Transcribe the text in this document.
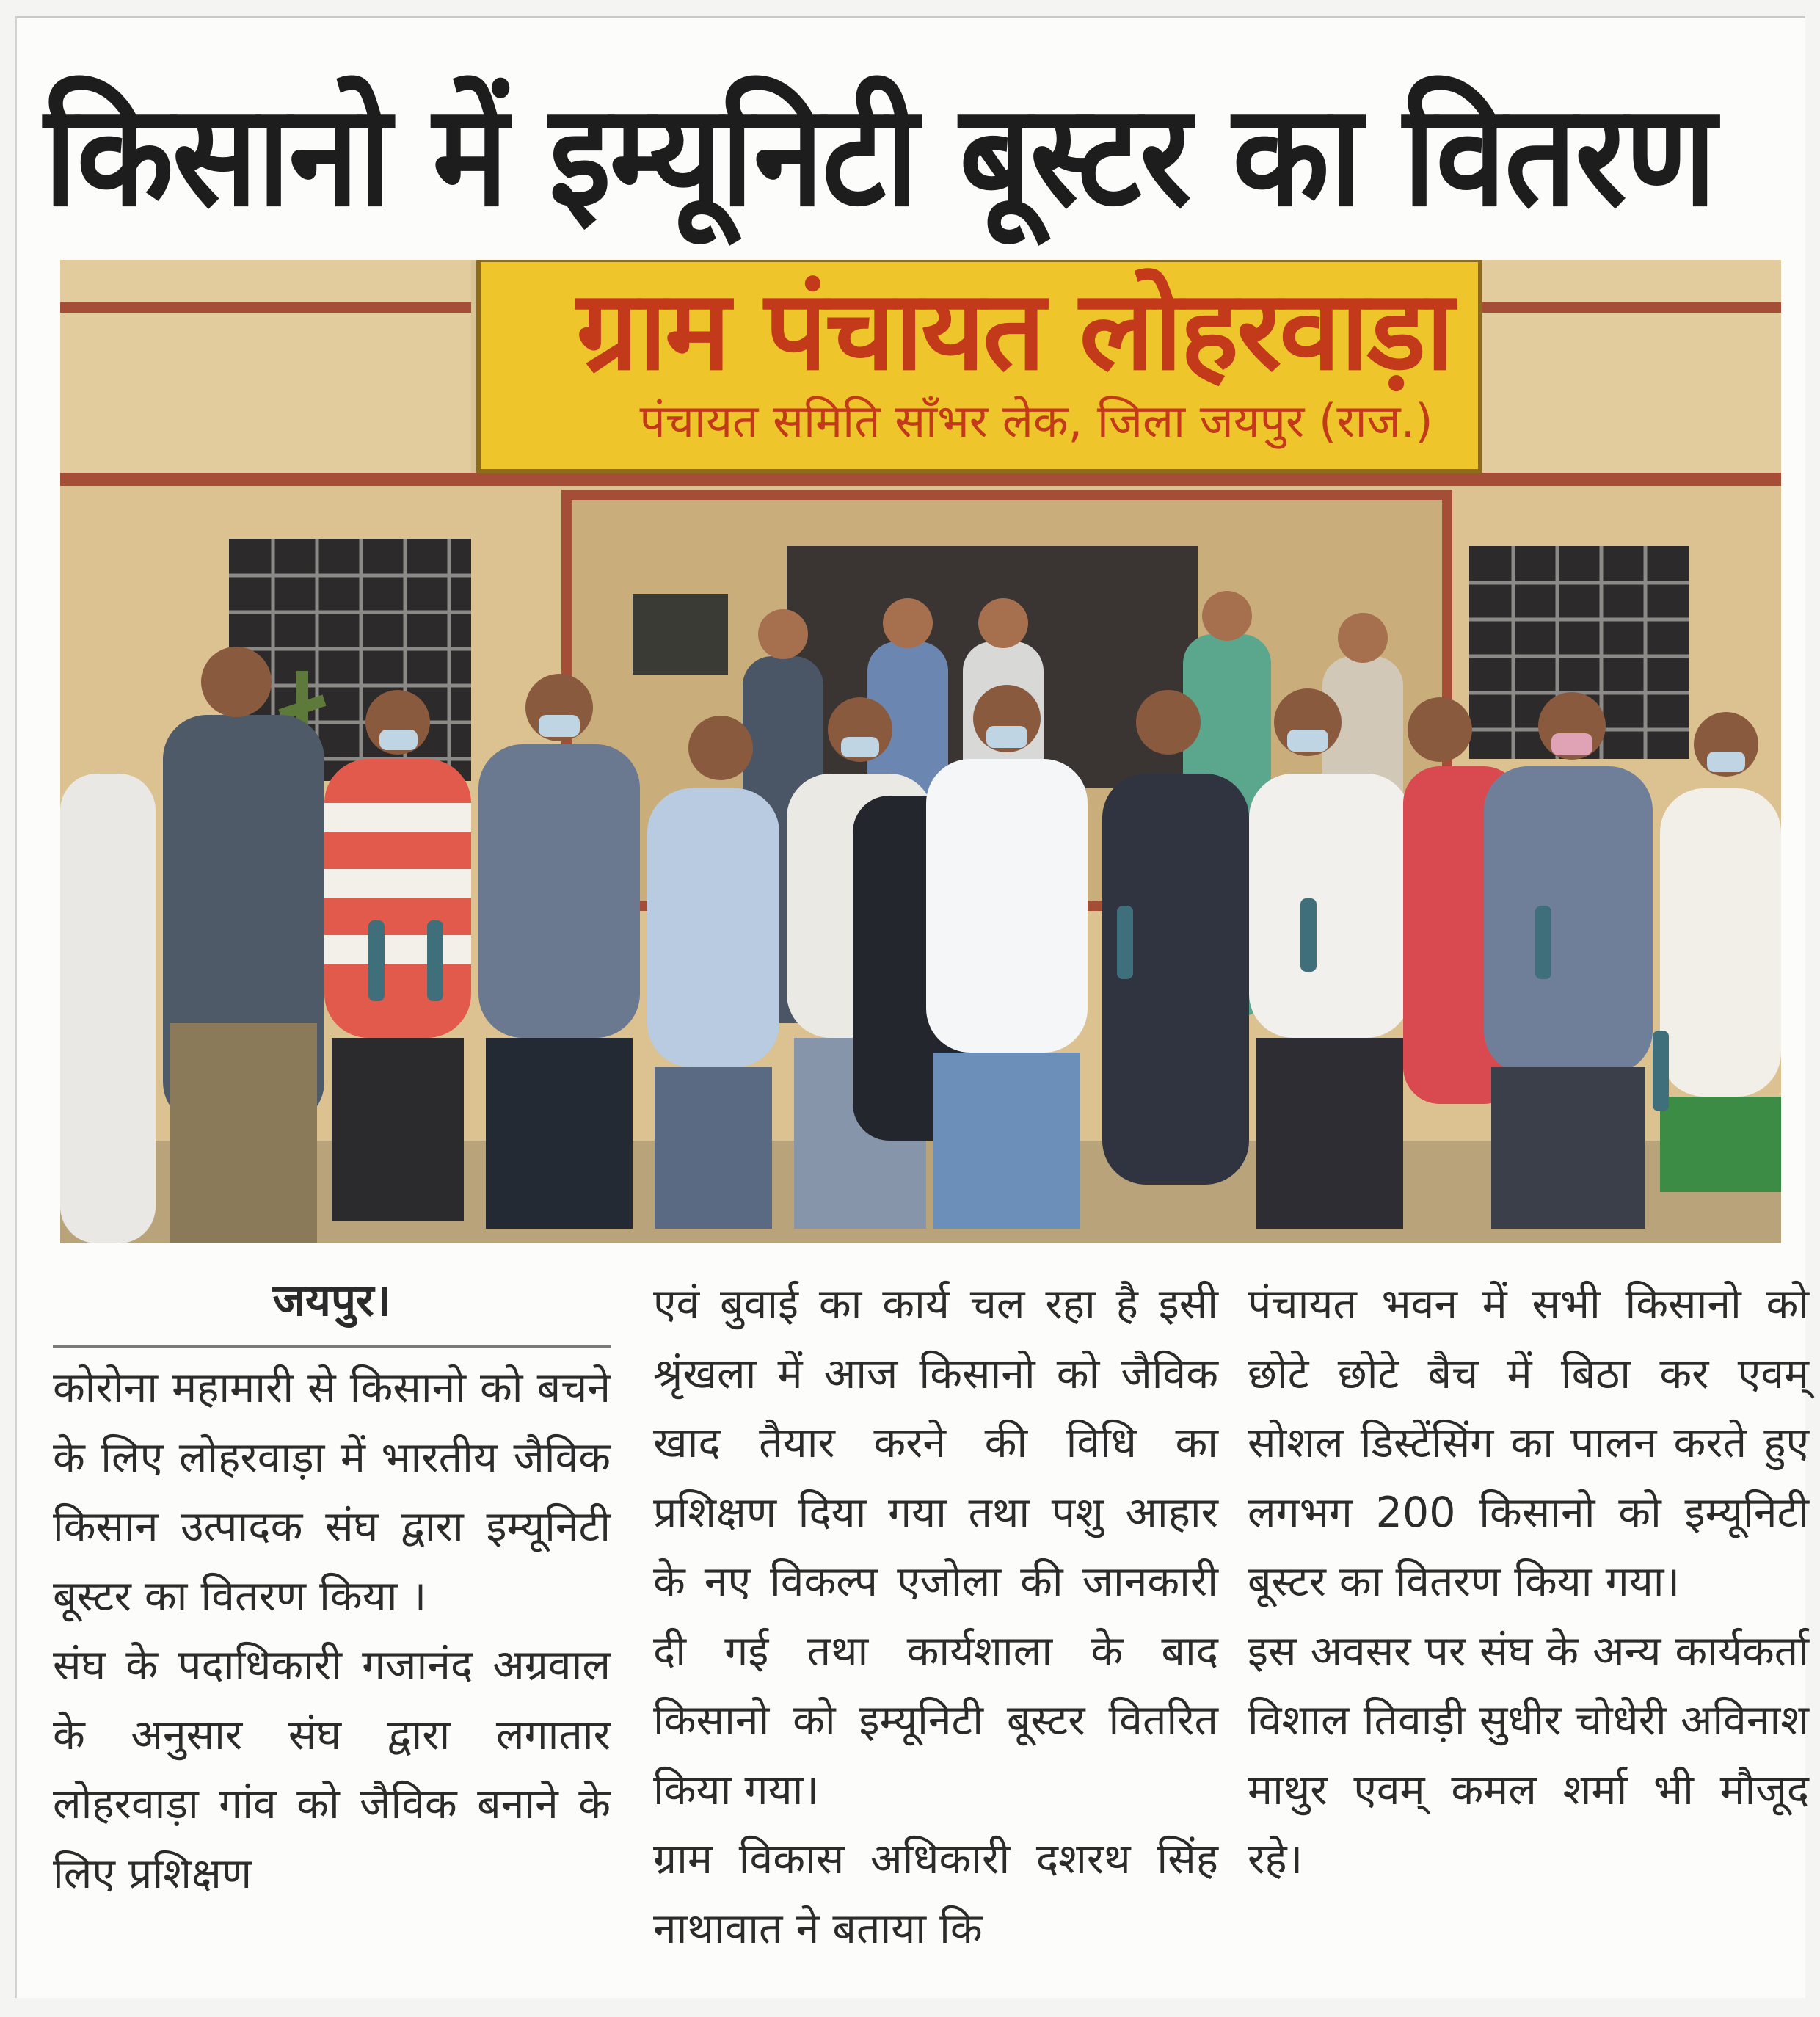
किसानो में इम्यूनिटी बूस्टर का वितरण
ग्राम पंचायत लोहरवाड़ा
पंचायत समिति साँभर लेक, जिला जयपुर (राज.)
जयपुर।

कोरोना महामारी से किसानो को बचने के लिए लोहरवाड़ा में भारतीय जैविक किसान उत्पादक संघ द्वारा इम्यूनिटी बूस्टर का वितरण किया ।

संघ के पदाधिकारी गजानंद अग्रवाल के अनुसार संघ द्वारा लगातार लोहरवाड़ा गांव को जैविक बनाने के लिए प्रशिक्षण

एवं बुवाई का कार्य चल रहा है इसी श्रृंखला में आज किसानो को जैविक खाद तैयार करने की विधि का प्रशिक्षण दिया गया तथा पशु आहार के नए विकल्प एजोला की जानकारी दी गई तथा कार्यशाला के बाद किसानो को इम्यूनिटी बूस्टर वितरित किया गया।

ग्राम विकास अधिकारी दशरथ सिंह नाथावात ने बताया कि

पंचायत भवन में सभी किसानो को छोटे छोटे बैच में बिठा कर एवम् सोशल डिस्टेंसिंग का पालन करते हुए लगभग 200 किसानो को इम्यूनिटी बूस्टर का वितरण किया गया।

इस अवसर पर संघ के अन्य कार्यकर्ता विशाल तिवाड़ी सुधीर चोधेरी अविनाश माथुर एवम् कमल शर्मा भी मौजूद रहे।
